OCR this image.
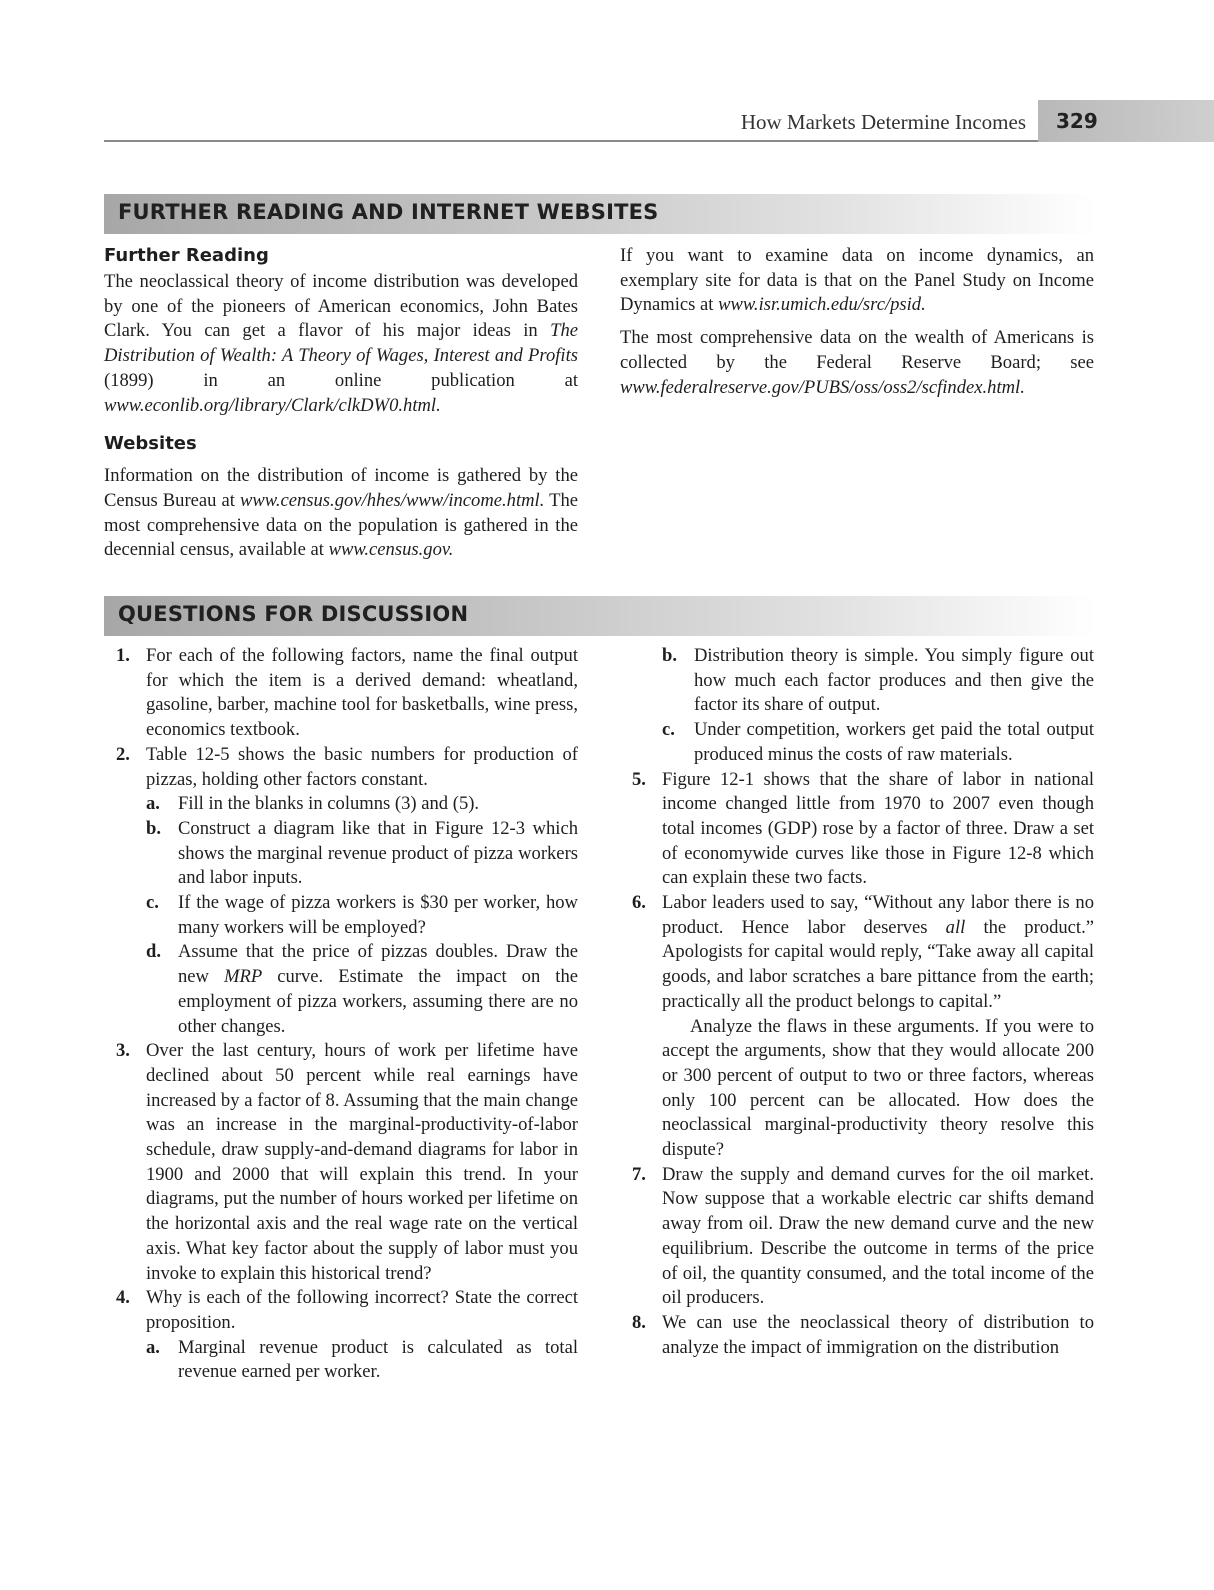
How Markets Determine Incomes 329
FURTHER READING AND INTERNET WEBSITES
Further Reading

The neoclassical theory of income distribution was developed by one of the pioneers of American economics, John Bates Clark. You can get a flavor of his major ideas in The Distribution of Wealth: A Theory of Wages, Interest and Profits (1899) in an online publication at www.econlib.org/library/Clark/clkDW0.html.

Websites

Information on the distribution of income is gathered by the Census Bureau at www.census.gov/hhes/www/income.html. The most comprehensive data on the population is gathered in the decennial census, available at www.census.gov.

If you want to examine data on income dynamics, an exemplary site for data is that on the Panel Study on Income Dynamics at www.isr.umich.edu/src/psid.

The most comprehensive data on the wealth of Americans is collected by the Federal Reserve Board; see www.federalreserve.gov/PUBS/oss/oss2/scfindex.html.

QUESTIONS FOR DISCUSSION
1. For each of the following factors, name the final output for which the item is a derived demand: wheatland, gasoline, barber, machine tool for basketballs, wine press, economics textbook.
2. Table 12-5 shows the basic numbers for production of pizzas, holding other factors constant.
a. Fill in the blanks in columns (3) and (5).
b. Construct a diagram like that in Figure 12-3 which shows the marginal revenue product of pizza workers and labor inputs.
c. If the wage of pizza workers is $30 per worker, how many workers will be employed?
d. Assume that the price of pizzas doubles. Draw the new MRP curve. Estimate the impact on the employment of pizza workers, assuming there are no other changes.
3. Over the last century, hours of work per lifetime have declined about 50 percent while real earnings have increased by a factor of 8. Assuming that the main change was an increase in the marginal-productivity-of-labor schedule, draw supply-and-demand diagrams for labor in 1900 and 2000 that will explain this trend. In your diagrams, put the number of hours worked per lifetime on the horizontal axis and the real wage rate on the vertical axis. What key factor about the supply of labor must you invoke to explain this historical trend?
4. Why is each of the following incorrect? State the correct proposition.
a. Marginal revenue product is calculated as total revenue earned per worker.
b. Distribution theory is simple. You simply figure out how much each factor produces and then give the factor its share of output.
c. Under competition, workers get paid the total output produced minus the costs of raw materials.
5. Figure 12-1 shows that the share of labor in national income changed little from 1970 to 2007 even though total incomes (GDP) rose by a factor of three. Draw a set of economywide curves like those in Figure 12-8 which can explain these two facts.
6. Labor leaders used to say, “Without any labor there is no product. Hence labor deserves all the product.” Apologists for capital would reply, “Take away all capital goods, and labor scratches a bare pittance from the earth; practically all the product belongs to capital.”
Analyze the flaws in these arguments. If you were to accept the arguments, show that they would allocate 200 or 300 percent of output to two or three factors, whereas only 100 percent can be allocated. How does the neoclassical marginal-productivity theory resolve this dispute?
7. Draw the supply and demand curves for the oil market. Now suppose that a workable electric car shifts demand away from oil. Draw the new demand curve and the new equilibrium. Describe the outcome in terms of the price of oil, the quantity consumed, and the total income of the oil producers.
8. We can use the neoclassical theory of distribution to analyze the impact of immigration on the distribution
